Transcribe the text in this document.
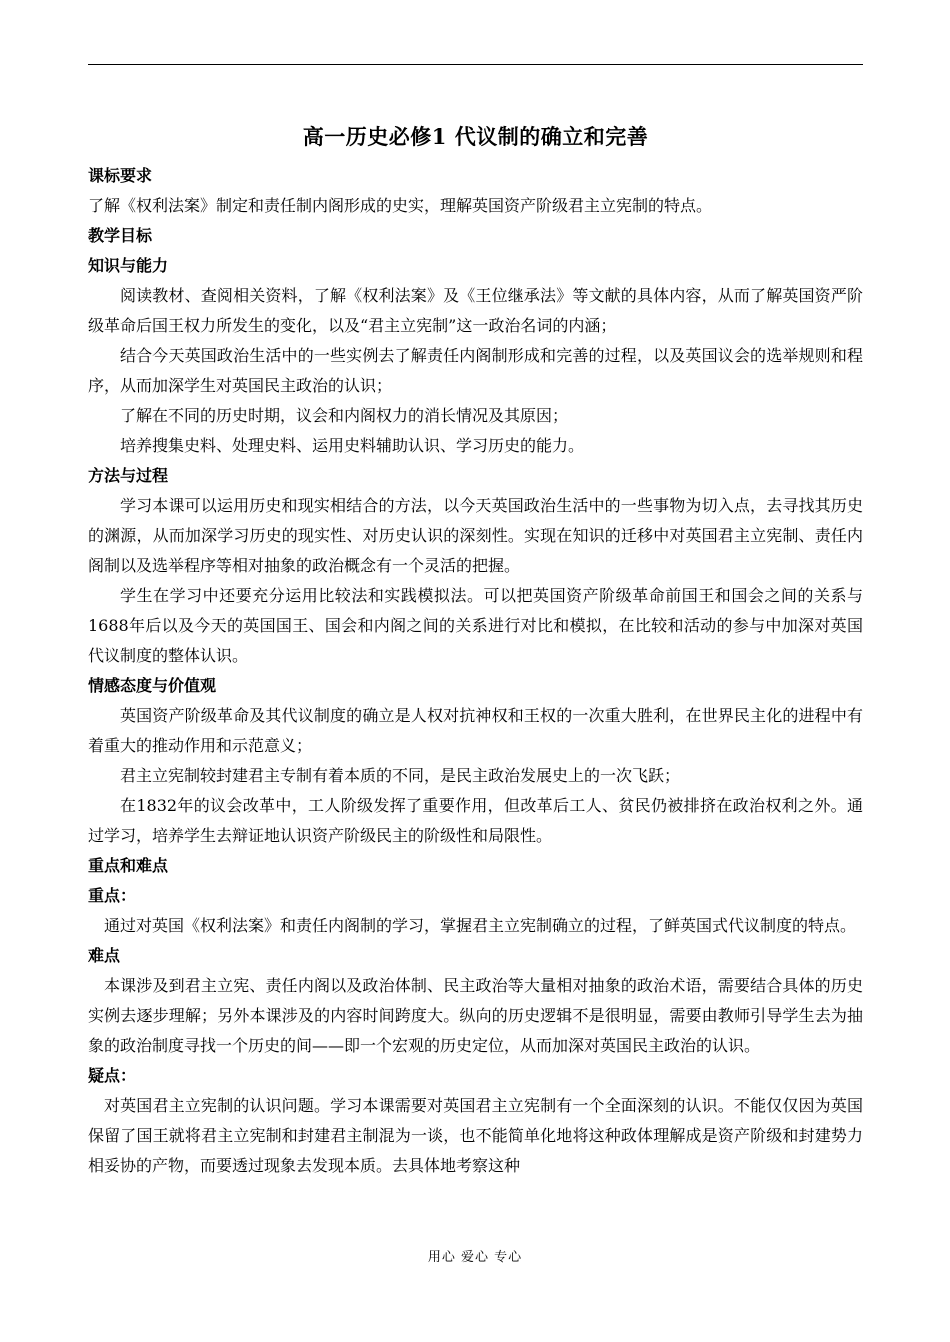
高一历史必修1 代议制的确立和完善
课标要求

了解《权利法案》制定和责任制内阁形成的史实，理解英国资产阶级君主立宪制的特点。

教学目标
知识与能力

阅读教材、查阅相关资料，了解《权利法案》及《王位继承法》等文献的具体内容，从而了解英国资严阶级革命后国王权力所发生的变化，以及“君主立宪制”这一政治名词的内涵；

结合今天英国政治生活中的一些实例去了解责任内阁制形成和完善的过程，以及英国议会的选举规则和程序，从而加深学生对英国民主政治的认识；

了解在不同的历史时期，议会和内阁权力的消长情况及其原因；

培养搜集史料、处理史料、运用史料辅助认识、学习历史的能力。

方法与过程

学习本课可以运用历史和现实相结合的方法，以今天英国政治生活中的一些事物为切入点，去寻找其历史的渊源，从而加深学习历史的现实性、对历史认识的深刻性。实现在知识的迁移中对英国君主立宪制、责任内阁制以及选举程序等相对抽象的政治概念有一个灵活的把握。

学生在学习中还要充分运用比较法和实践模拟法。可以把英国资产阶级革命前国王和国会之间的关系与1688年后以及今天的英国国王、国会和内阁之间的关系进行对比和模拟，在比较和活动的参与中加深对英国代议制度的整体认识。

情感态度与价值观

英国资产阶级革命及其代议制度的确立是人权对抗神权和王权的一次重大胜利，在世界民主化的进程中有着重大的推动作用和示范意义；

君主立宪制较封建君主专制有着本质的不同，是民主政治发展史上的一次飞跃；

在1832年的议会改革中，工人阶级发挥了重要作用，但改革后工人、贫民仍被排挤在政治权利之外。通过学习，培养学生去辩证地认识资产阶级民主的阶级性和局限性。

重点和难点
重点：

通过对英国《权利法案》和责任内阁制的学习，掌握君主立宪制确立的过程，了鲜英国式代议制度的特点。

难点

本课涉及到君主立宪、责任内阁以及政治体制、民主政治等大量相对抽象的政治术语，需要结合具体的历史实例去逐步理解；另外本课涉及的内容时间跨度大。纵向的历史逻辑不是很明显，需要由教师引导学生去为抽象的政治制度寻找一个历史的间——即一个宏观的历史定位，从而加深对英国民主政治的认识。

疑点：

对英国君主立宪制的认识问题。学习本课需要对英国君主立宪制有一个全面深刻的认识。不能仅仅因为英国保留了国王就将君主立宪制和封建君主制混为一谈，也不能简单化地将这种政体理解成是资产阶级和封建势力相妥协的产物，而要透过现象去发现本质。去具体地考察这种

用心 爱心 专心
